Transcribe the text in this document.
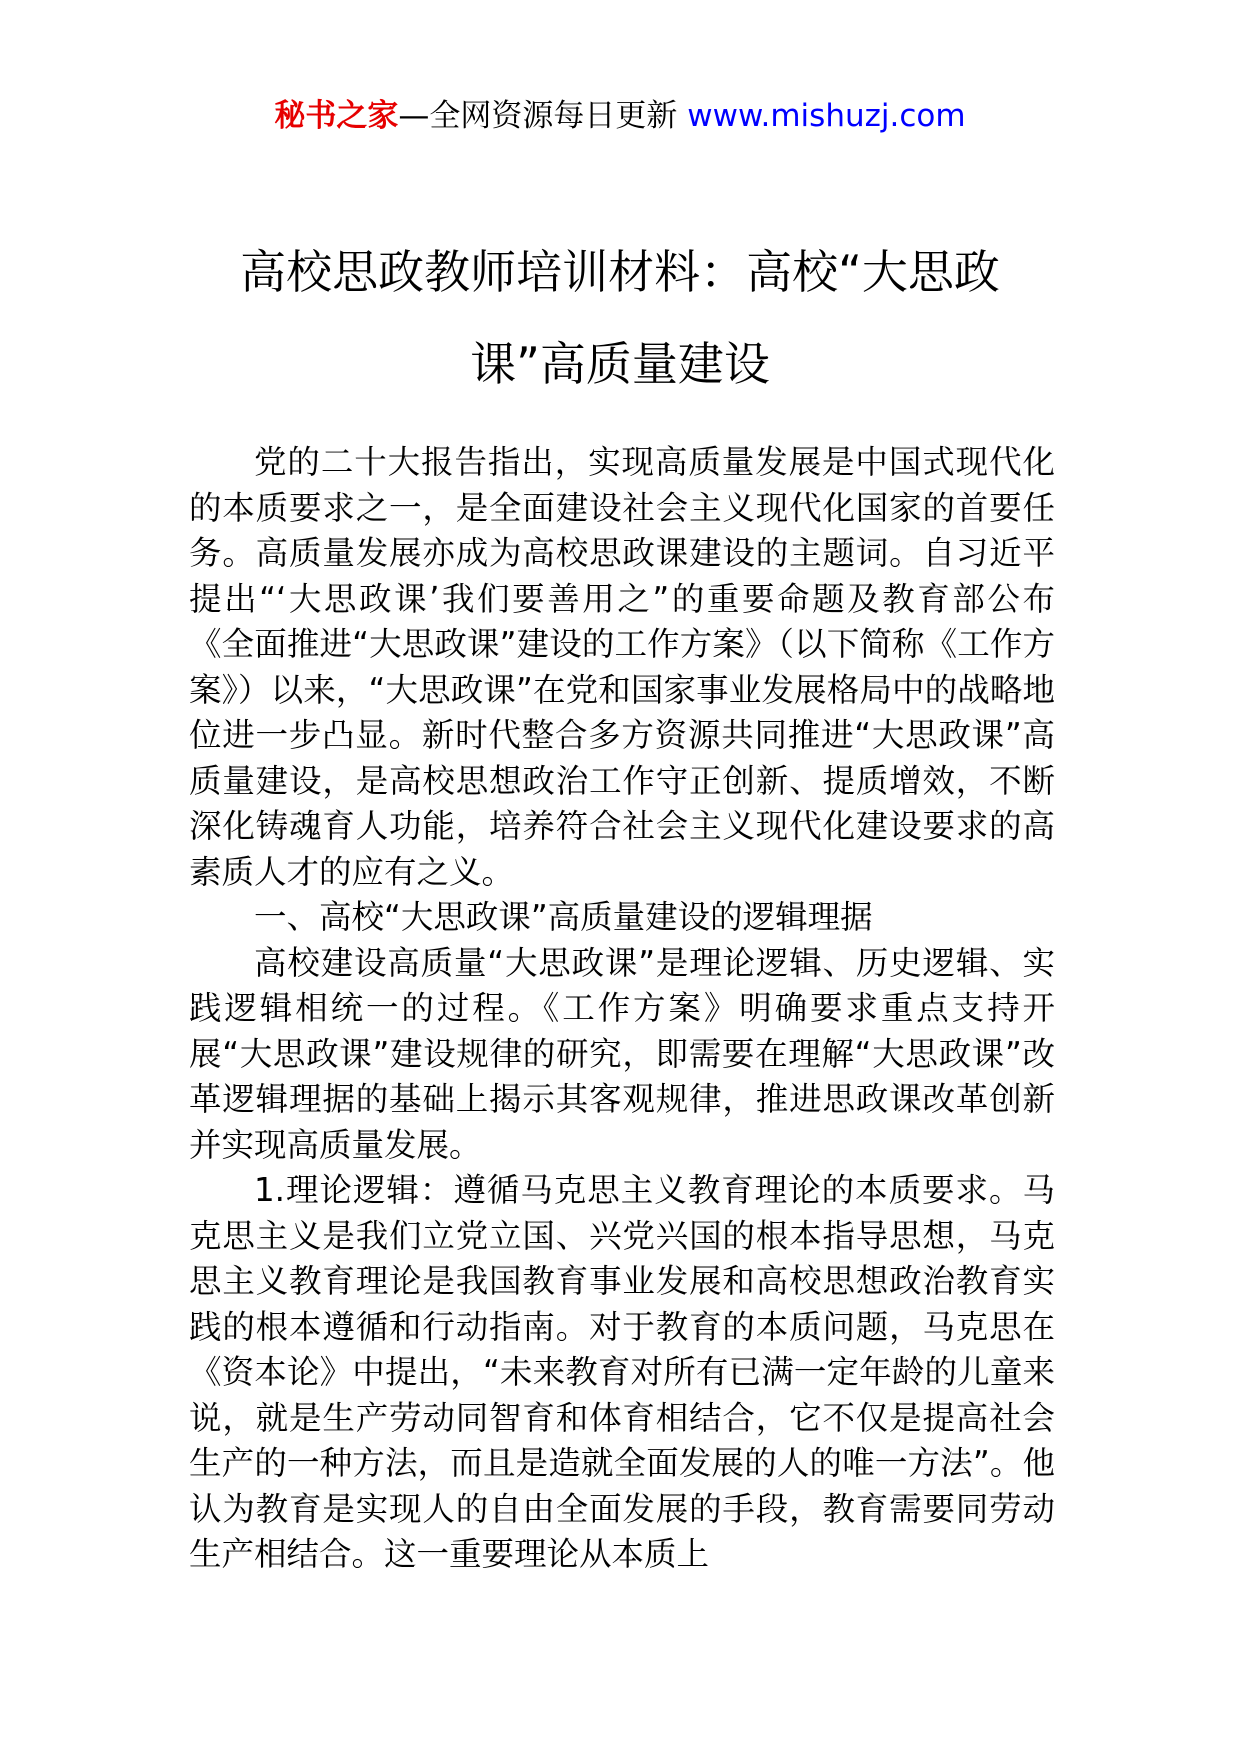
秘书之家—全网资源每日更新 www.mishuzj.com
高校思政教师培训材料：高校“大思政
课”高质量建设

党的二十大报告指出，实现高质量发展是中国式现代化的本质要求之一，是全面建设社会主义现代化国家的首要任务。高质量发展亦成为高校思政课建设的主题词。自习近平提出“‘大思政课’我们要善用之”的重要命题及教育部公布《全面推进“大思政课”建设的工作方案》（以下简称《工作方案》）以来，“大思政课”在党和国家事业发展格局中的战略地位进一步凸显。新时代整合多方资源共同推进“大思政课”高质量建设，是高校思想政治工作守正创新、提质增效，不断深化铸魂育人功能，培养符合社会主义现代化建设要求的高素质人才的应有之义。

一、高校“大思政课”高质量建设的逻辑理据

高校建设高质量“大思政课”是理论逻辑、历史逻辑、实践逻辑相统一的过程。《工作方案》明确要求重点支持开展“大思政课”建设规律的研究，即需要在理解“大思政课”改革逻辑理据的基础上揭示其客观规律，推进思政课改革创新并实现高质量发展。

1.理论逻辑：遵循马克思主义教育理论的本质要求。马克思主义是我们立党立国、兴党兴国的根本指导思想，马克思主义教育理论是我国教育事业发展和高校思想政治教育实践的根本遵循和行动指南。对于教育的本质问题，马克思在《资本论》中提出，“未来教育对所有已满一定年龄的儿童来说，就是生产劳动同智育和体育相结合，它不仅是提高社会生产的一种方法，而且是造就全面发展的人的唯一方法”。他认为教育是实现人的自由全面发展的手段，教育需要同劳动生产相结合。这一重要理论从本质上
